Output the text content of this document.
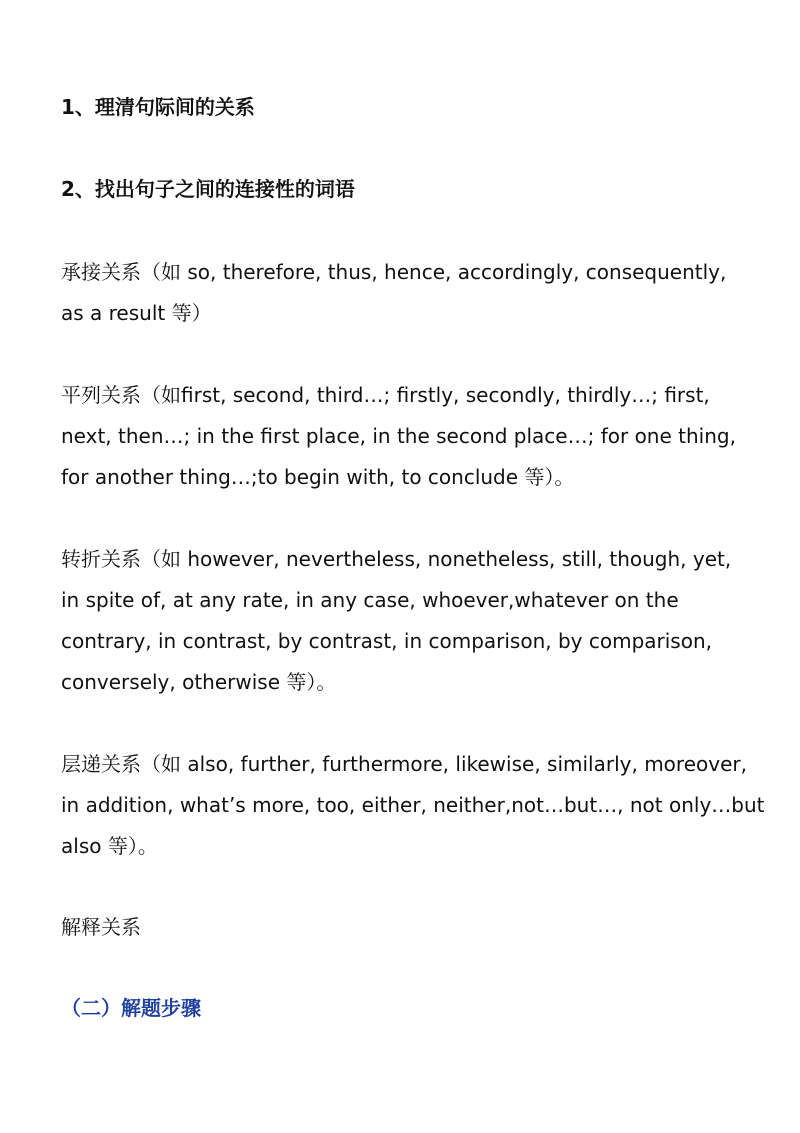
1、理清句际间的关系

2、找出句子之间的连接性的词语

承接关系（如 so, therefore, thus, hence, accordingly, consequently,
as a result 等）
平列关系（如first, second, third…; firstly, secondly, thirdly…; first,
next, then…; in the first place, in the second place…; for one thing,
for another thing…;to begin with, to conclude 等）。
转折关系（如 however, nevertheless, nonetheless, still, though, yet,
in spite of, at any rate, in any case, whoever,whatever on the
contrary, in contrast, by contrast, in comparison, by comparison,
conversely, otherwise 等）。
层递关系（如 also, further, furthermore, likewise, similarly, moreover,
in addition, what’s more, too, either, neither,not…but…, not only…but
also 等）。

解释关系

（二）解题步骤
